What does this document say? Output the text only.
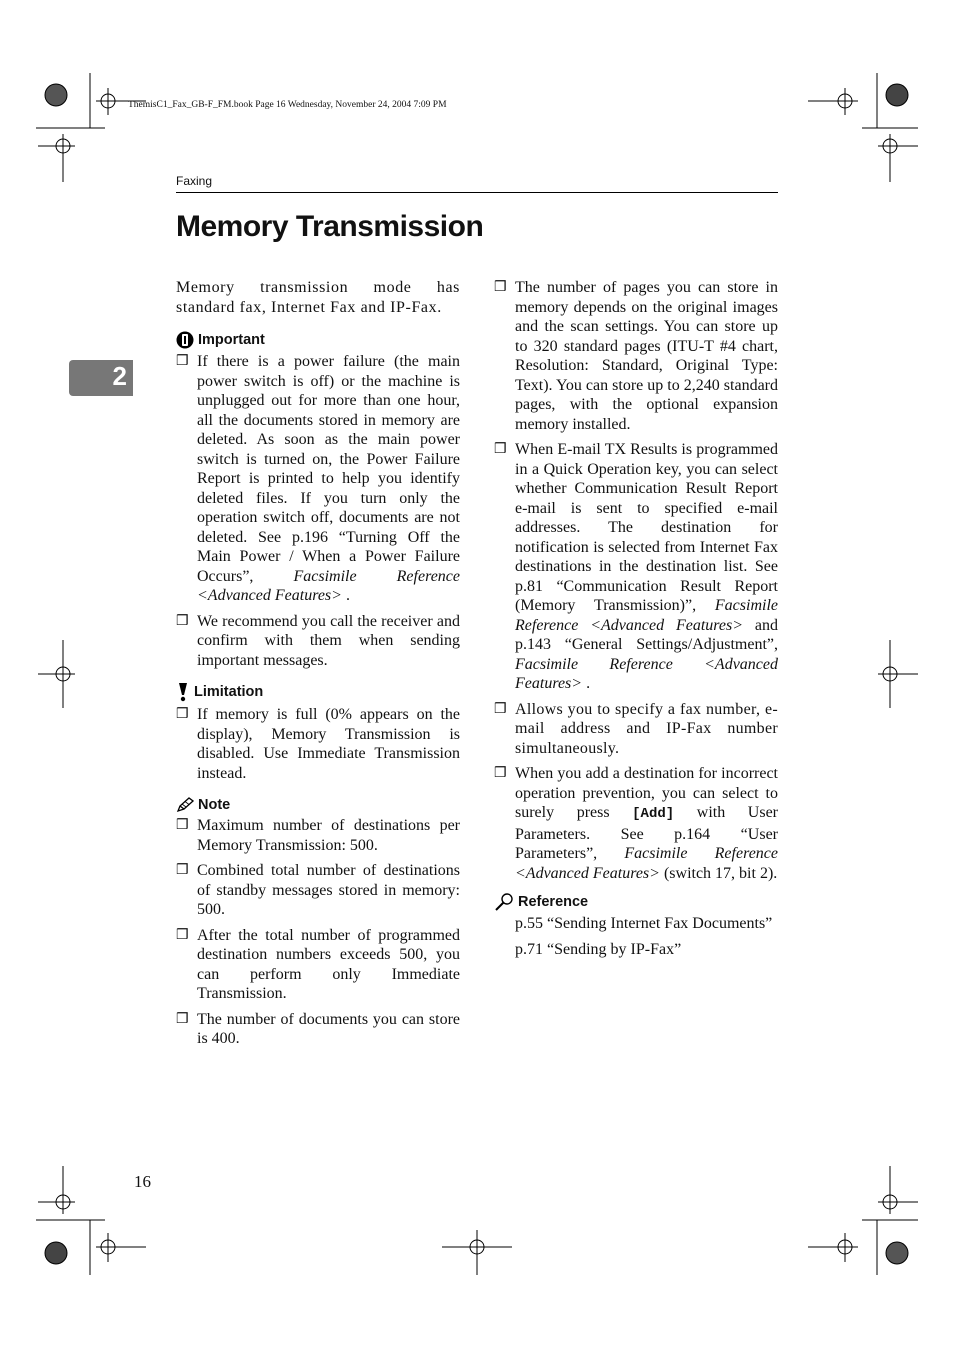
ThemisC1_Fax_GB-F_FM.book Page 16 Wednesday, November 24, 2004 7:09 PM
Faxing
Memory Transmission
2

Memory transmission mode has standard fax, Internet Fax and IP-Fax.

Important
❒ If there is a power failure (the main power switch is off) or the machine is unplugged out for more than one hour, all the documents stored in memory are deleted. As soon as the main power switch is turned on, the Power Failure Report is printed to help you identify deleted files. If you turn only the operation switch off, documents are not deleted. See p.196 “Turning Off the Main Power / When a Power Failure Occurs”,	Facsimile Reference <Advanced Features> .

❒ We recommend you call the receiver and confirm with them when sending important messages.

Limitation
❒ If memory is full (0% appears on the display), Memory Transmission is disabled. Use Immediate Transmission instead.

Note
❒ Maximum number of destinations per Memory Transmission: 500.

❒ Combined total number of destinations of standby messages stored in memory: 500.

❒ After the total number of programmed destination numbers exceeds 500, you can perform only Immediate Transmission.

❒ The number of documents you can store is 400.

❒ The number of pages you can store in memory depends on the original images and the scan settings. You can store up to 320 standard pages (ITU-T #4 chart, Resolution: Standard, Original Type: Text). You can store up to 2,240 standard pages, with the optional expansion memory installed.

❒ When E-mail TX Results is programmed in a Quick Operation key, you can select whether Communication Result Report e-mail is sent to specified e-mail addresses. The destination for notification is selected from Internet Fax destinations in the destination list. See p.81 “Communication Result Report (Memory Transmission)”, Facsimile Reference <Advanced Features> and p.143 “General Settings/Adjustment”, Facsimile Reference <Advanced Features> .

❒ Allows you to specify a fax number, e-mail address and IP-Fax number simultaneously.

❒ When you add a destination for incorrect operation prevention, you can select to surely press [Add] with User Parameters. See p.164 “User Parameters”, Facsimile Reference <Advanced Features> (switch 17, bit 2).

Reference

p.55 “Sending Internet Fax Documents”

p.71 “Sending by IP-Fax”

16
